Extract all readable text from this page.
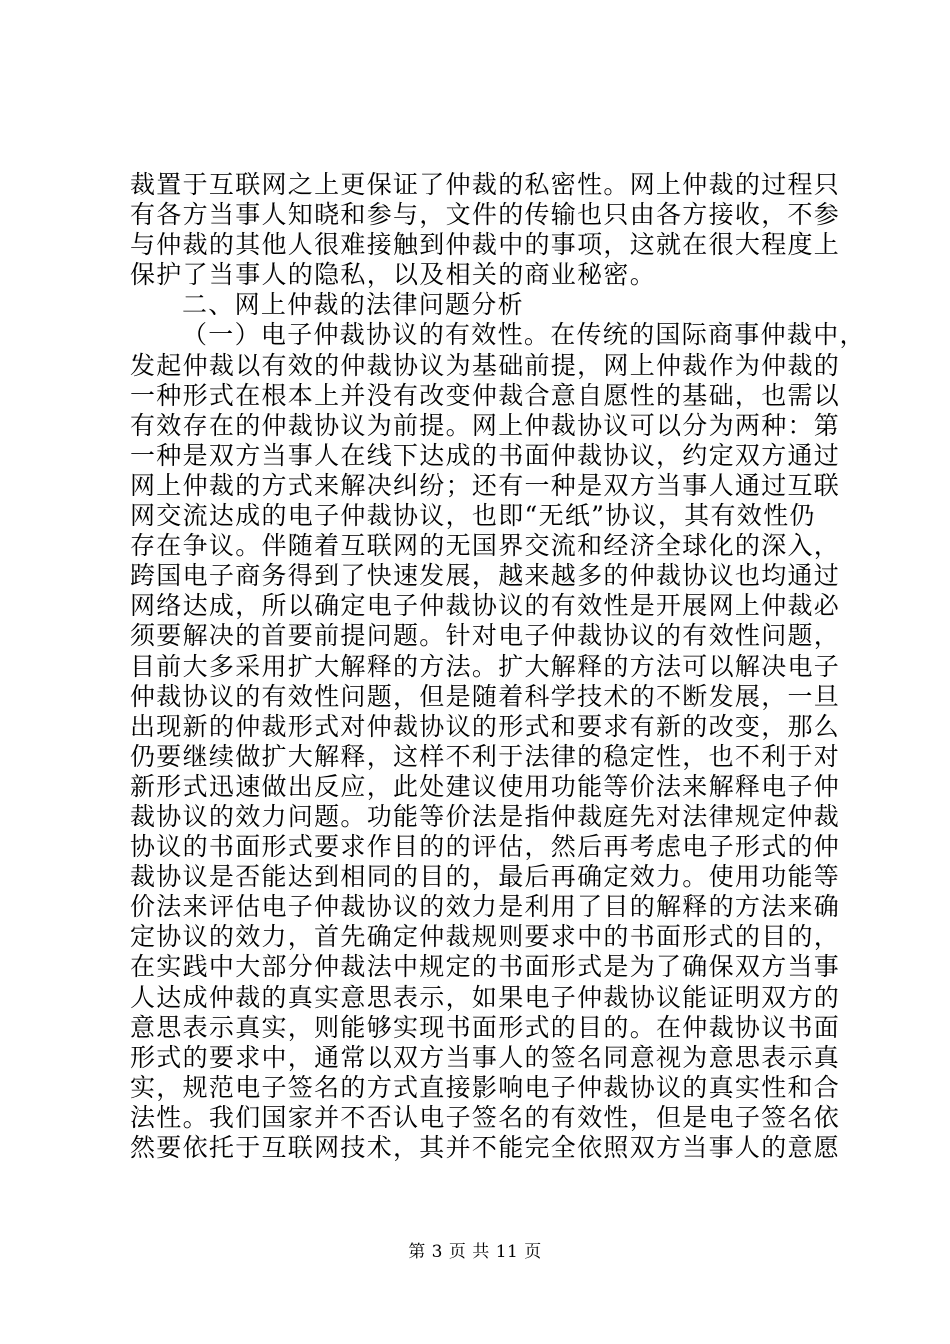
裁置于互联网之上更保证了仲裁的私密性。网上仲裁的过程只
有各方当事人知晓和参与，文件的传输也只由各方接收，不参
与仲裁的其他人很难接触到仲裁中的事项，这就在很大程度上
保护了当事人的隐私，以及相关的商业秘密。
二、网上仲裁的法律问题分析
（一）电子仲裁协议的有效性。在传统的国际商事仲裁中，
发起仲裁以有效的仲裁协议为基础前提，网上仲裁作为仲裁的
一种形式在根本上并没有改变仲裁合意自愿性的基础，也需以
有效存在的仲裁协议为前提。网上仲裁协议可以分为两种：第
一种是双方当事人在线下达成的书面仲裁协议，约定双方通过
网上仲裁的方式来解决纠纷；还有一种是双方当事人通过互联
网交流达成的电子仲裁协议，也即“无纸”协议，其有效性仍
存在争议。伴随着互联网的无国界交流和经济全球化的深入，
跨国电子商务得到了快速发展，越来越多的仲裁协议也均通过
网络达成，所以确定电子仲裁协议的有效性是开展网上仲裁必
须要解决的首要前提问题。针对电子仲裁协议的有效性问题，
目前大多采用扩大解释的方法。扩大解释的方法可以解决电子
仲裁协议的有效性问题，但是随着科学技术的不断发展，一旦
出现新的仲裁形式对仲裁协议的形式和要求有新的改变，那么
仍要继续做扩大解释，这样不利于法律的稳定性，也不利于对
新形式迅速做出反应，此处建议使用功能等价法来解释电子仲
裁协议的效力问题。功能等价法是指仲裁庭先对法律规定仲裁
协议的书面形式要求作目的的评估，然后再考虑电子形式的仲
裁协议是否能达到相同的目的，最后再确定效力。使用功能等
价法来评估电子仲裁协议的效力是利用了目的解释的方法来确
定协议的效力，首先确定仲裁规则要求中的书面形式的目的，
在实践中大部分仲裁法中规定的书面形式是为了确保双方当事
人达成仲裁的真实意思表示，如果电子仲裁协议能证明双方的
意思表示真实，则能够实现书面形式的目的。在仲裁协议书面
形式的要求中，通常以双方当事人的签名同意视为意思表示真
实，规范电子签名的方式直接影响电子仲裁协议的真实性和合
法性。我们国家并不否认电子签名的有效性，但是电子签名依
然要依托于互联网技术，其并不能完全依照双方当事人的意愿
第 3 页 共 11 页
